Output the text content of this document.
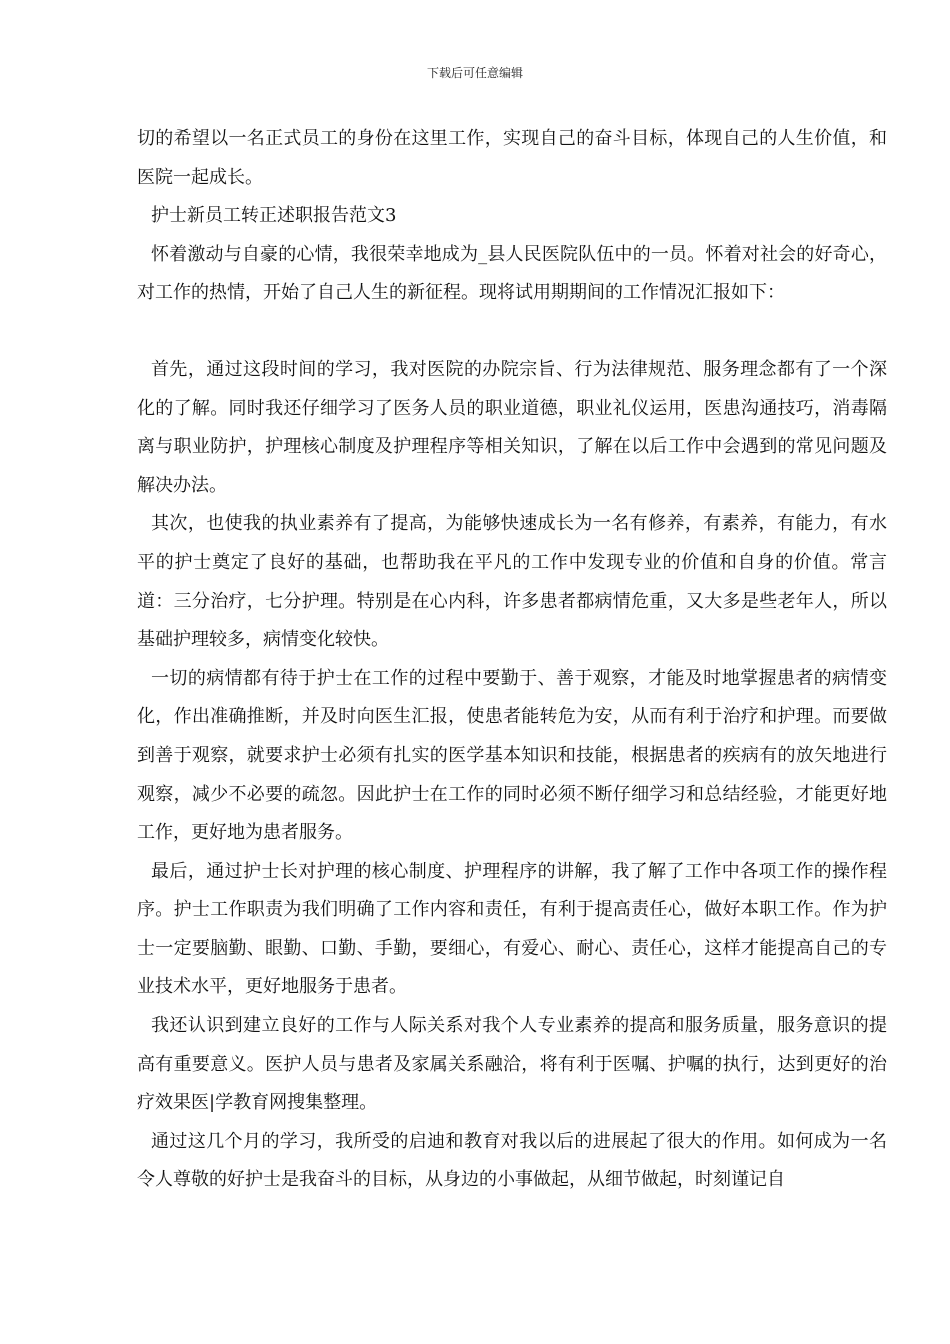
下载后可任意编辑

切的希望以一名正式员工的身份在这里工作，实现自己的奋斗目标，体现自己的人生价值，和医院一起成长。

护士新员工转正述职报告范文3

怀着激动与自豪的心情，我很荣幸地成为_县人民医院队伍中的一员。怀着对社会的好奇心，对工作的热情，开始了自己人生的新征程。现将试用期期间的工作情况汇报如下：

首先，通过这段时间的学习，我对医院的办院宗旨、行为法律规范、服务理念都有了一个深化的了解。同时我还仔细学习了医务人员的职业道德，职业礼仪运用，医患沟通技巧，消毒隔离与职业防护，护理核心制度及护理程序等相关知识，了解在以后工作中会遇到的常见问题及解决办法。

其次，也使我的执业素养有了提高，为能够快速成长为一名有修养，有素养，有能力，有水平的护士奠定了良好的基础，也帮助我在平凡的工作中发现专业的价值和自身的价值。常言道：三分治疗，七分护理。特别是在心内科，许多患者都病情危重，又大多是些老年人，所以基础护理较多，病情变化较快。

一切的病情都有待于护士在工作的过程中要勤于、善于观察，才能及时地掌握患者的病情变化，作出准确推断，并及时向医生汇报，使患者能转危为安，从而有利于治疗和护理。而要做到善于观察，就要求护士必须有扎实的医学基本知识和技能，根据患者的疾病有的放矢地进行观察，减少不必要的疏忽。因此护士在工作的同时必须不断仔细学习和总结经验，才能更好地工作，更好地为患者服务。

最后，通过护士长对护理的核心制度、护理程序的讲解，我了解了工作中各项工作的操作程序。护士工作职责为我们明确了工作内容和责任，有利于提高责任心，做好本职工作。作为护士一定要脑勤、眼勤、口勤、手勤，要细心，有爱心、耐心、责任心，这样才能提高自己的专业技术水平，更好地服务于患者。

我还认识到建立良好的工作与人际关系对我个人专业素养的提高和服务质量，服务意识的提高有重要意义。医护人员与患者及家属关系融洽，将有利于医嘱、护嘱的执行，达到更好的治疗效果医|学教育网搜集整理。

通过这几个月的学习，我所受的启迪和教育对我以后的进展起了很大的作用。如何成为一名令人尊敬的好护士是我奋斗的目标，从身边的小事做起，从细节做起，时刻谨记自
